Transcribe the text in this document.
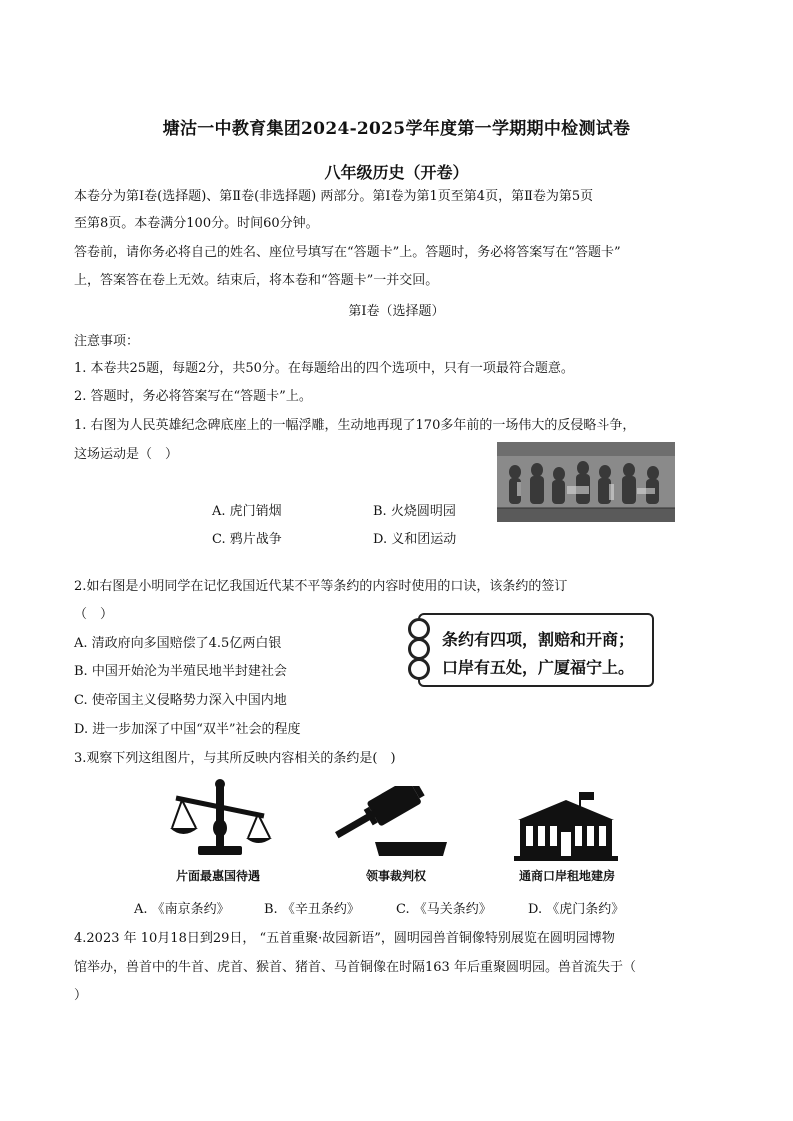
塘沽一中教育集团2024-2025学年度第一学期期中检测试卷
八年级历史（开卷）
本卷分为第Ⅰ卷(选择题)、第Ⅱ卷(非选择题) 两部分。第Ⅰ卷为第1页至第4页，第Ⅱ卷为第5页
至第8页。本卷满分100分。时间60分钟。
答卷前，请你务必将自己的姓名、座位号填写在“答题卡”上。答题时，务必将答案写在“答题卡”
上，答案答在卷上无效。结束后，将本卷和“答题卡”一并交回。
第Ⅰ卷（选择题）
注意事项：
1. 本卷共25题，每题2分，共50分。在每题给出的四个选项中，只有一项最符合题意。
2. 答题时，务必将答案写在“答题卡”上。
1. 右图为人民英雄纪念碑底座上的一幅浮雕，生动地再现了170多年前的一场伟大的反侵略斗争，
这场运动是（　）
A. 虎门销烟	B. 火烧圆明园
C. 鸦片战争	D. 义和团运动
2.如右图是小明同学在记忆我国近代某不平等条约的内容时使用的口诀，该条约的签订
（　）
A. 清政府向多国赔偿了4.5亿两白银
B. 中国开始沦为半殖民地半封建社会
C. 使帝国主义侵略势力深入中国内地
D. 进一步加深了中国“双半”社会的程度
条约有四项，割赔和开商；
口岸有五处，广厦福宁上。
3.观察下列这组图片，与其所反映内容相关的条约是(　)
片面最惠国待遇	领事裁判权	通商口岸租地建房
A. 《南京条约》	B. 《辛丑条约》	C. 《马关条约》	D. 《虎门条约》
4.2023 年 10月18日到29日， “五首重聚·故园新语”，圆明园兽首铜像特别展览在圆明园博物
馆举办，兽首中的牛首、虎首、猴首、猪首、马首铜像在时隔163 年后重聚圆明园。兽首流失于（
）
